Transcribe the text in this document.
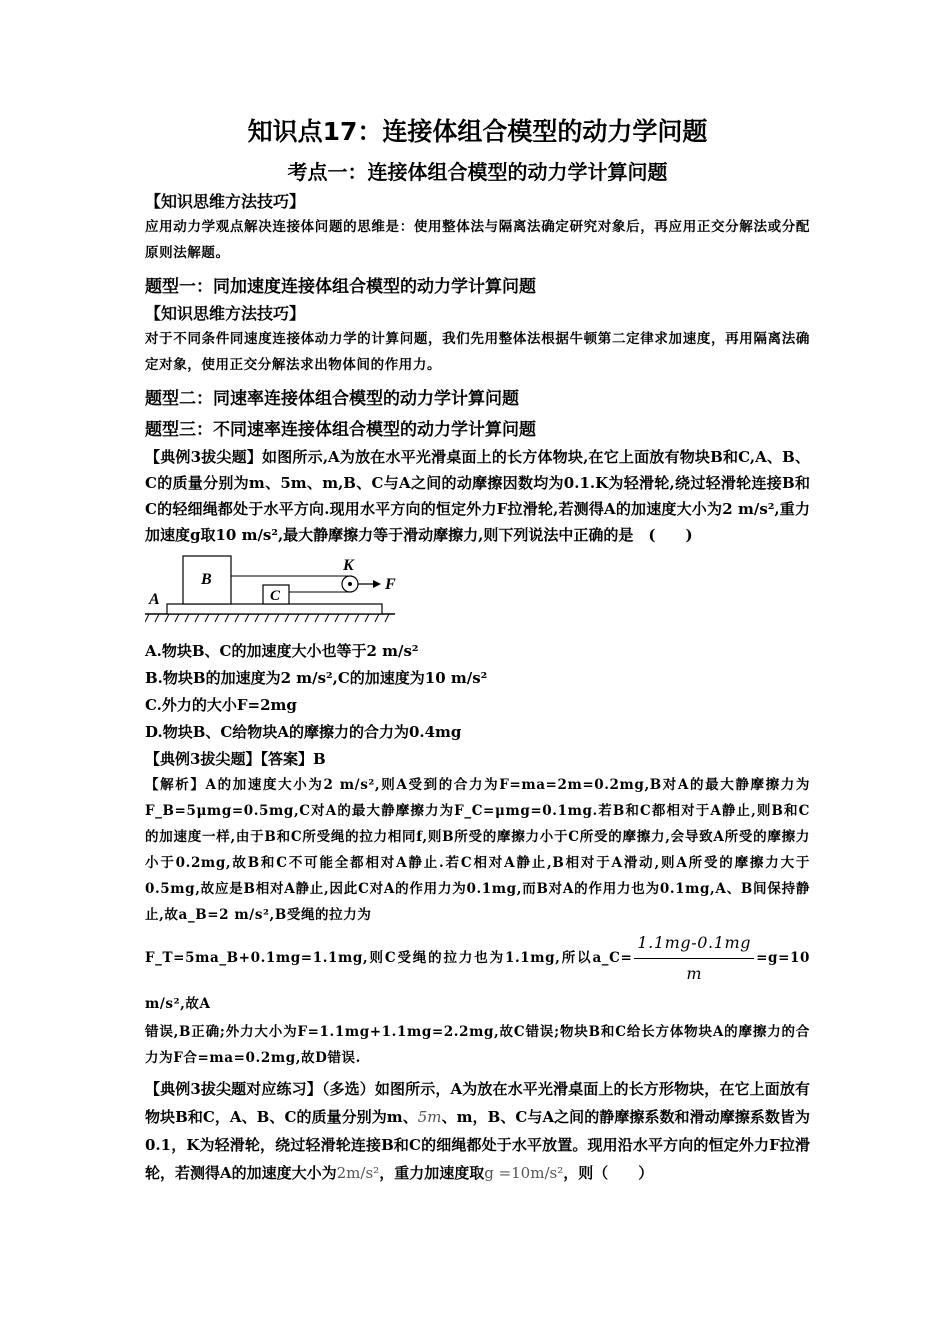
知识点17：连接体组合模型的动力学问题
考点一：连接体组合模型的动力学计算问题
【知识思维方法技巧】

应用动力学观点解决连接体问题的思维是：使用整体法与隔离法确定研究对象后，再应用正交分解法或分配原则法解题。

题型一：同加速度连接体组合模型的动力学计算问题
【知识思维方法技巧】

对于不同条件同速度连接体动力学的计算问题，我们先用整体法根据牛顿第二定律求加速度，再用隔离法确定对象，使用正交分解法求出物体间的作用力。

题型二：同速率连接体组合模型的动力学计算问题
题型三：不同速率连接体组合模型的动力学计算问题

【典例3拔尖题】如图所示,A为放在水平光滑桌面上的长方体物块,在它上面放有物块B和C,A、B、C的质量分别为m、5m、m,B、C与A之间的动摩擦因数均为0.1.K为轻滑轮,绕过轻滑轮连接B和C的轻细绳都处于水平方向.现用水平方向的恒定外力F拉滑轮,若测得A的加速度大小为2 m/s²,重力加速度g取10 m/s²,最大静摩擦力等于滑动摩擦力,则下列说法中正确的是　(　　)

A
B
C
K
F

A.物块B、C的加速度大小也等于2 m/s²

B.物块B的加速度为2 m/s²,C的加速度为10 m/s²

C.外力的大小F=2mg

D.物块B、C给物块A的摩擦力的合力为0.4mg

【典例3拔尖题】【答案】B

【解析】A的加速度大小为2 m/s²,则A受到的合力为F=ma=2m=0.2mg,B对A的最大静摩擦力为F_B=5μmg=0.5mg,C对A的最大静摩擦力为F_C=μmg=0.1mg.若B和C都相对于A静止,则B和C的加速度一样,由于B和C所受绳的拉力相同f,则B所受的摩擦力小于C所受的摩擦力,会导致A所受的摩擦力小于0.2mg,故B和C不可能全都相对A静止.若C相对A静止,B相对于A滑动,则A所受的摩擦力大于0.5mg,故应是B相对A静止,因此C对A的作用力为0.1mg,而B对A的作用力也为0.1mg,A、B间保持静止,故a_B=2 m/s²,B受绳的拉力为

F_T=5ma_B+0.1mg=1.1mg,则C受绳的拉力也为1.1mg,所以a_C= $\frac{1.1mg-0.1mg}{m} =g=10$ m/s²,故A

错误,B正确;外力大小为F=1.1mg+1.1mg=2.2mg,故C错误;物块B和C给长方体物块A的摩擦力的合力为F合=ma=0.2mg,故D错误.

【典例3拔尖题对应练习】（多选）如图所示，A为放在水平光滑桌面上的长方形物块，在它上面放有物块B和C，A、B、C的质量分别为m、5m、m，B、C与A之间的静摩擦系数和滑动摩擦系数皆为0.1，K为轻滑轮，绕过轻滑轮连接B和C的细绳都处于水平放置。现用沿水平方向的恒定外力F拉滑轮，若测得A的加速度大小为2m/s²，重力加速度取g =10m/s²，则（　　）
